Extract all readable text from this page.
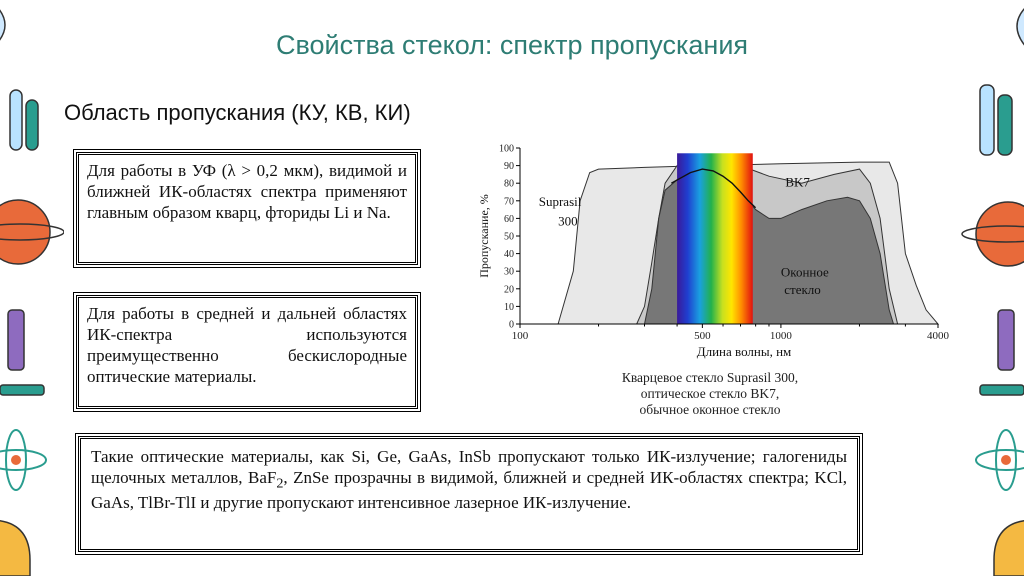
Свойства стекол: спектр пропускания
Область пропускания (КУ, КВ, КИ)
Для работы в УФ (λ > 0,2 мкм), видимой и ближней ИК-областях спектра применяют главным образом кварц, фториды Li и Na.
Для работы в средней и дальней областях ИК-спектра используются преимущественно бескислородные оптические материалы.
Такие оптические материалы, как Si, Ge, GaAs, InSb пропускают только ИК-излучение; галогениды щелочных металлов, BaF$_2$, ZnSe прозрачны в видимой, ближней и средней ИК-областях спектра; KCl, GaAs, TlBr-TlI и другие пропускают интенсивное лазерное ИК-излучение.
0
10
20
30
40
50
60
70
80
90
100
100	500	1000	4000
Длина волны, нм
Пропускание, %	Suprasil
300
BK7
Оконное
стекло
Кварцевое стекло Suprasil 300,
оптическое стекло BK7,
обычное оконное стекло
